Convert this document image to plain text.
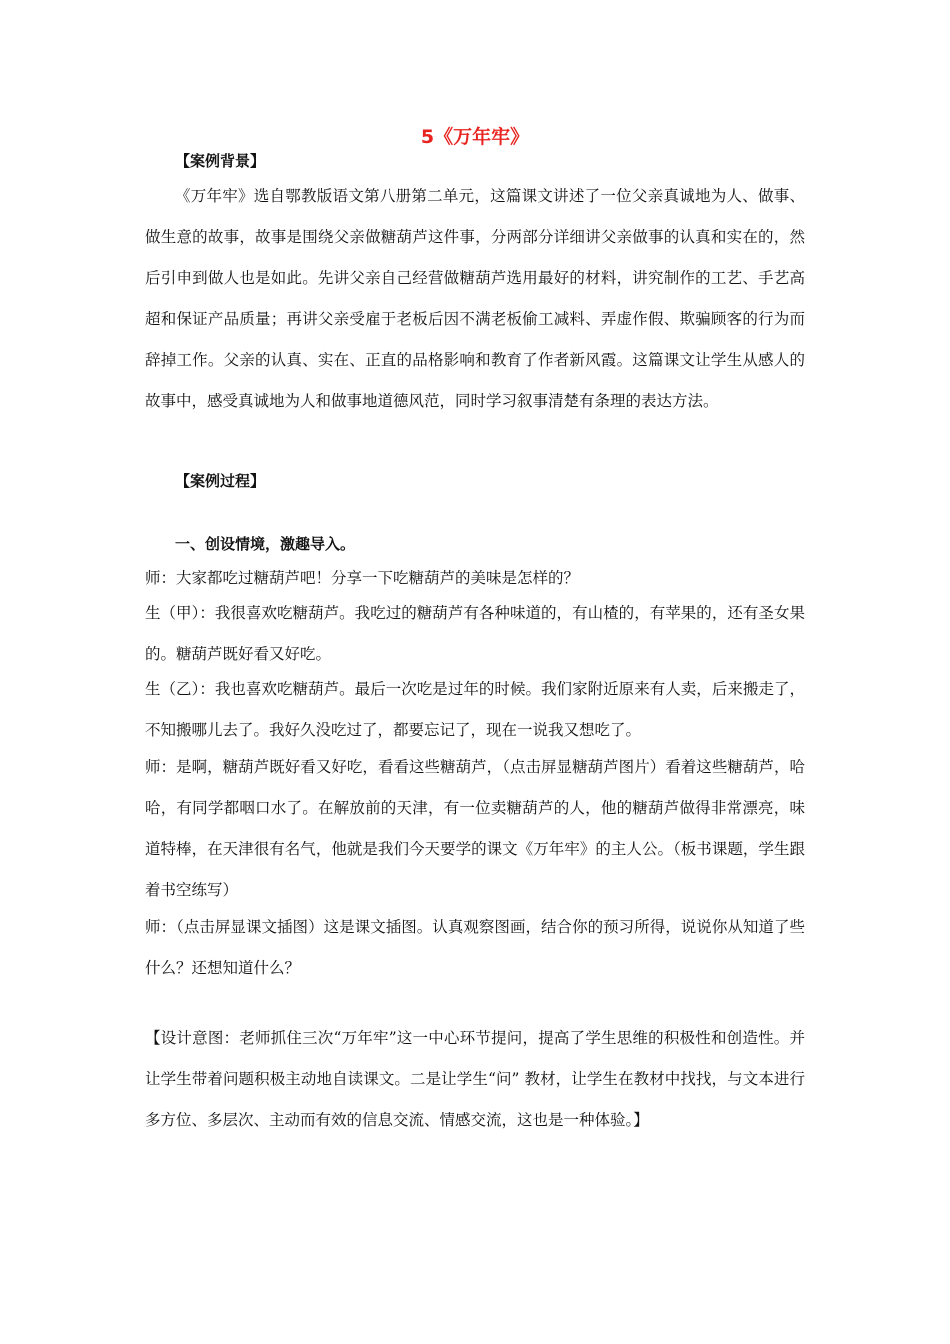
5《万年牢》
【案例背景】

《万年牢》选自鄂教版语文第八册第二单元，这篇课文讲述了一位父亲真诚地为人、做事、做生意的故事，故事是围绕父亲做糖葫芦这件事，分两部分详细讲父亲做事的认真和实在的，然后引申到做人也是如此。先讲父亲自己经营做糖葫芦选用最好的材料，讲究制作的工艺、手艺高超和保证产品质量；再讲父亲受雇于老板后因不满老板偷工减料、弄虚作假、欺骗顾客的行为而辞掉工作。父亲的认真、实在、正直的品格影响和教育了作者新风霞。这篇课文让学生从感人的故事中，感受真诚地为人和做事地道德风范，同时学习叙事清楚有条理的表达方法。

【案例过程】
一、创设情境，激趣导入。
师：大家都吃过糖葫芦吧！分享一下吃糖葫芦的美味是怎样的？

生（甲）：我很喜欢吃糖葫芦。我吃过的糖葫芦有各种味道的，有山楂的，有苹果的，还有圣女果的。糖葫芦既好看又好吃。

生（乙）：我也喜欢吃糖葫芦。最后一次吃是过年的时候。我们家附近原来有人卖，后来搬走了，不知搬哪儿去了。我好久没吃过了，都要忘记了，现在一说我又想吃了。

师：是啊，糖葫芦既好看又好吃，看看这些糖葫芦，（点击屏显糖葫芦图片）看着这些糖葫芦，哈哈，有同学都咽口水了。在解放前的天津，有一位卖糖葫芦的人，他的糖葫芦做得非常漂亮，味道特棒，在天津很有名气，他就是我们今天要学的课文《万年牢》的主人公。（板书课题，学生跟着书空练写）

师：（点击屏显课文插图）这是课文插图。认真观察图画，结合你的预习所得，说说你从知道了些什么？还想知道什么？

【设计意图：老师抓住三次“万年牢”这一中心环节提问，提高了学生思维的积极性和创造性。并让学生带着问题积极主动地自读课文。二是让学生“问” 教材，让学生在教材中找找，与文本进行多方位、多层次、主动而有效的信息交流、情感交流，这也是一种体验。】
